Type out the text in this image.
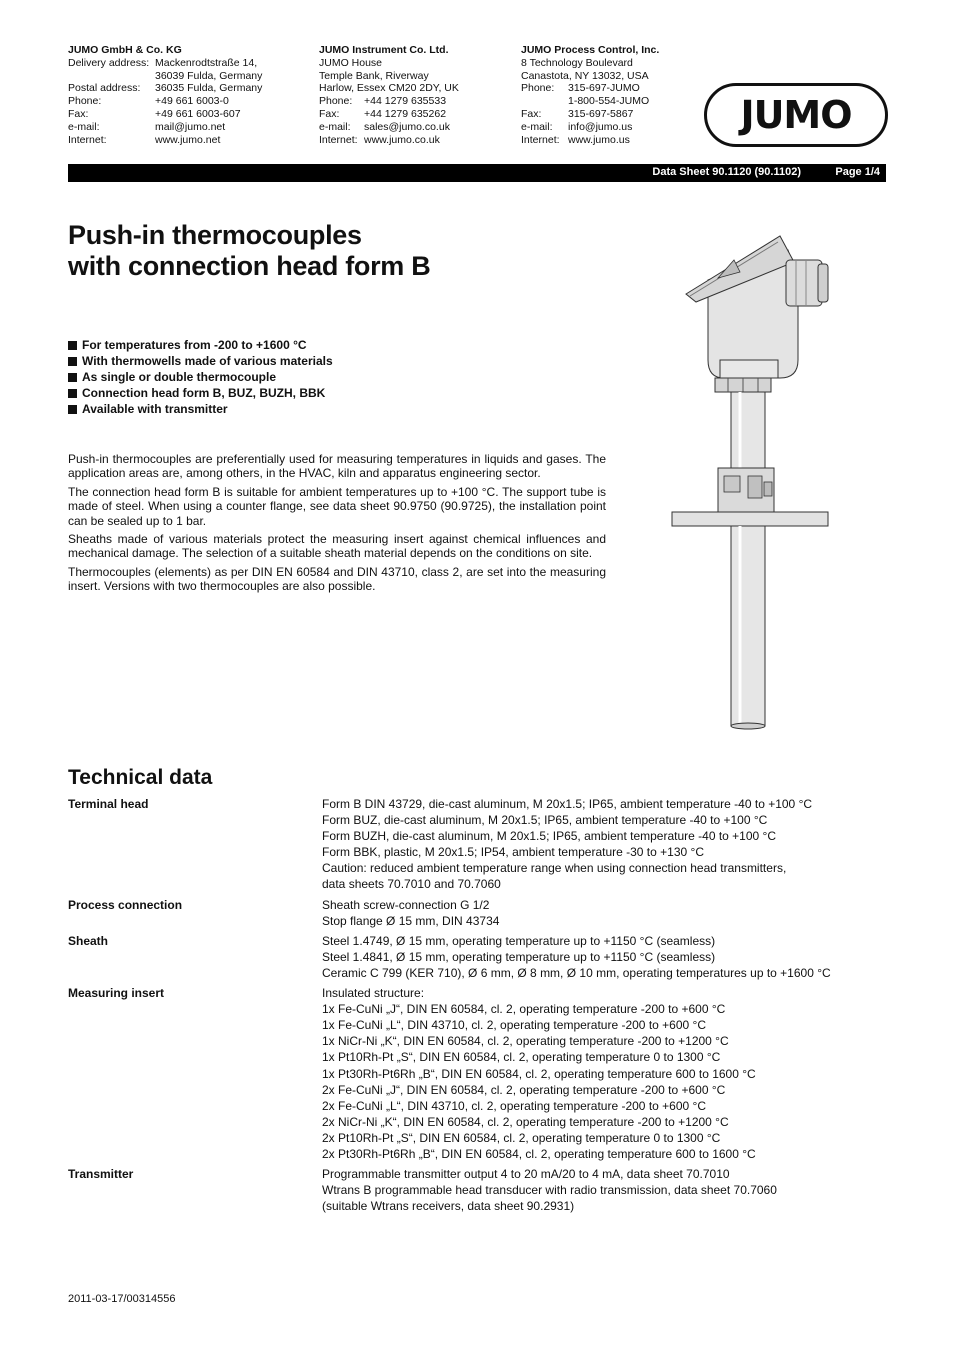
JUMO GmbH & Co. KG
Delivery address: Mackenrodtstraße 14,
36039 Fulda, Germany
Postal address:	36035 Fulda, Germany
Phone:	+49 661 6003-0
Fax:	+49 661 6003-607
e-mail:	mail@jumo.net
Internet:	www.jumo.net
JUMO Instrument Co. Ltd.
JUMO House
Temple Bank, Riverway
Harlow, Essex CM20 2DY, UK
Phone:	+44 1279 635533
Fax:	+44 1279 635262
e-mail:	sales@jumo.co.uk
Internet: www.jumo.co.uk
JUMO Process Control, Inc.
8 Technology Boulevard
Canastota, NY 13032, USA
Phone:	315-697-JUMO
1-800-554-JUMO
Fax:	315-697-5867
e-mail:	info@jumo.us
Internet: www.jumo.us
JUMO
Data Sheet 90.1120 (90.1102)	Page 1/4
Push-in thermocouples
with connection head form B
For temperatures from -200 to +1600 °C
With thermowells made of various materials
As single or double thermocouple
Connection head form B, BUZ, BUZH, BBK
Available with transmitter

Push-in thermocouples are preferentially used for measuring temperatures in liquids and gases. The application areas are, among others, in the HVAC, kiln and apparatus engineering sector.

The connection head form B is suitable for ambient temperatures up to +100 °C. The support tube is made of steel. When using a counter flange, see data sheet 90.9750 (90.9725), the installation point can be sealed up to 1 bar.

Sheaths made of various materials protect the measuring insert against chemical influences and mechanical damage. The selection of a suitable sheath material depends on the conditions on site.

Thermocouples (elements) as per DIN EN 60584 and DIN 43710, class 2, are set into the measuring insert. Versions with two thermocouples are also possible.

Technical data
Terminal head	Form B DIN 43729, die-cast aluminum, M 20x1.5; IP65, ambient temperature -40 to +100 °C
Form BUZ, die-cast aluminum, M 20x1.5; IP65, ambient temperature -40 to +100 °C
Form BUZH, die-cast aluminum, M 20x1.5; IP65, ambient temperature -40 to +100 °C
Form BBK, plastic, M 20x1.5; IP54, ambient temperature -30 to +130 °C
Caution: reduced ambient temperature range when using connection head transmitters,
data sheets 70.7010 and 70.7060
Process connection	Sheath screw-connection G 1/2
Stop flange Ø 15 mm, DIN 43734
Sheath	Steel 1.4749, Ø 15 mm, operating temperature up to +1150 °C (seamless)
Steel 1.4841, Ø 15 mm, operating temperature up to +1150 °C (seamless)
Ceramic C 799 (KER 710), Ø 6 mm, Ø 8 mm, Ø 10 mm, operating temperatures up to +1600 °C
Measuring insert	Insulated structure:
1x Fe-CuNi „J“, DIN EN 60584, cl. 2, operating temperature -200 to +600 °C
1x Fe-CuNi „L“, DIN 43710, cl. 2, operating temperature -200 to +600 °C
1x NiCr-Ni „K“, DIN EN 60584, cl. 2, operating temperature -200 to +1200 °C
1x Pt10Rh-Pt „S“, DIN EN 60584, cl. 2, operating temperature 0 to 1300 °C
1x Pt30Rh-Pt6Rh „B“, DIN EN 60584, cl. 2, operating temperature 600 to 1600 °C
2x Fe-CuNi „J“, DIN EN 60584, cl. 2, operating temperature -200 to +600 °C
2x Fe-CuNi „L“, DIN 43710, cl. 2, operating temperature -200 to +600 °C
2x NiCr-Ni „K“, DIN EN 60584, cl. 2, operating temperature -200 to +1200 °C
2x Pt10Rh-Pt „S“, DIN EN 60584, cl. 2, operating temperature 0 to 1300 °C
2x Pt30Rh-Pt6Rh „B“, DIN EN 60584, cl. 2, operating temperature 600 to 1600 °C
Transmitter	Programmable transmitter output 4 to 20 mA/20 to 4 mA, data sheet 70.7010
Wtrans B programmable head transducer with radio transmission, data sheet 70.7060
(suitable Wtrans receivers, data sheet 90.2931)
2011-03-17/00314556
